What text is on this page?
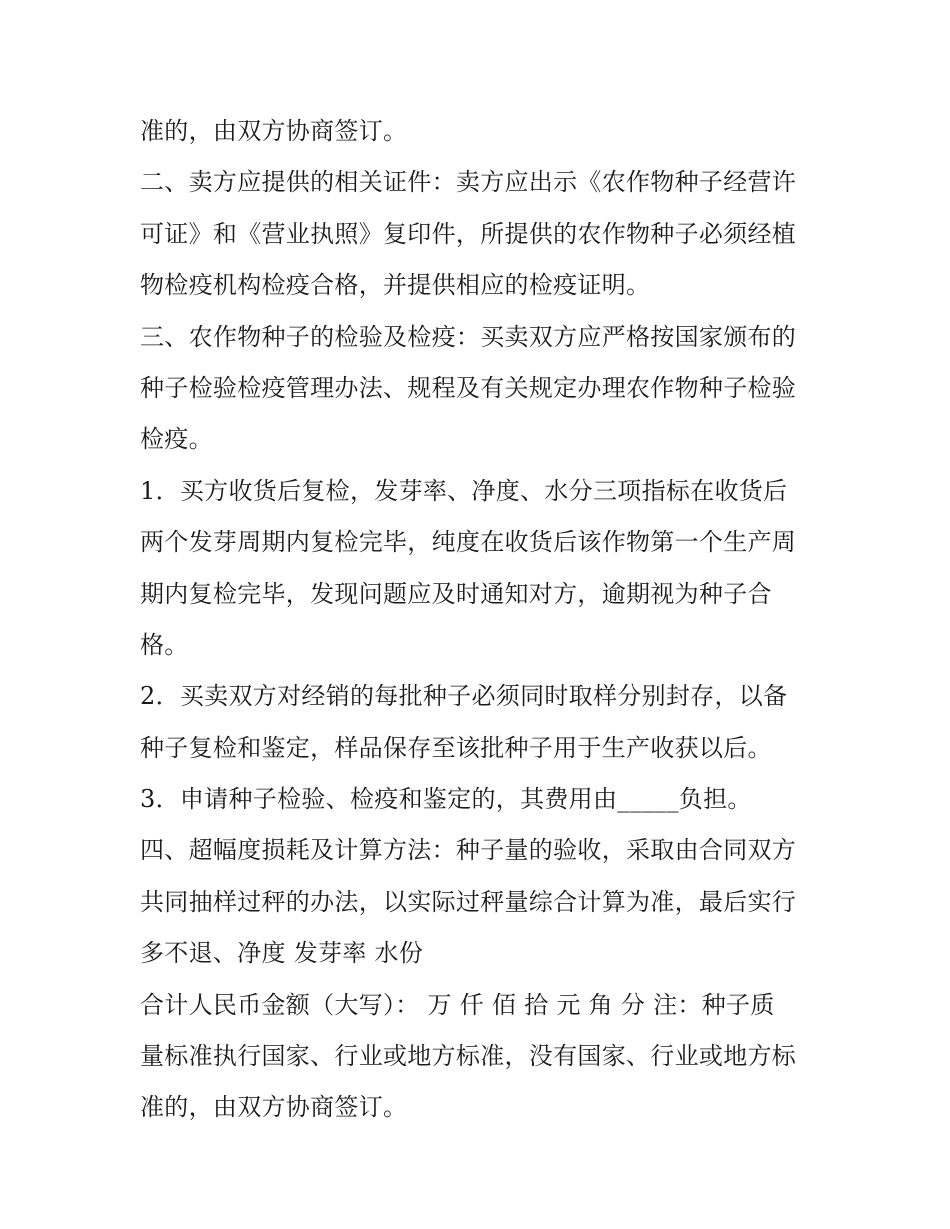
准的，由双方协商签订。
二、卖方应提供的相关证件：卖方应出示《农作物种子经营许
可证》和《营业执照》复印件，所提供的农作物种子必须经植
物检疫机构检疫合格，并提供相应的检疫证明。
三、农作物种子的检验及检疫：买卖双方应严格按国家颁布的
种子检验检疫管理办法、规程及有关规定办理农作物种子检验
检疫。
1．买方收货后复检，发芽率、净度、水分三项指标在收货后
两个发芽周期内复检完毕，纯度在收货后该作物第一个生产周
期内复检完毕，发现问题应及时通知对方，逾期视为种子合
格。
2．买卖双方对经销的每批种子必须同时取样分别封存，以备
种子复检和鉴定，样品保存至该批种子用于生产收获以后。
3．申请种子检验、检疫和鉴定的，其费用由_____负担。
四、超幅度损耗及计算方法：种子量的验收，采取由合同双方
共同抽样过秤的办法，以实际过秤量综合计算为准，最后实行
多不退、净度 发芽率 水份
合计人民币金额（大写）： 万 仟 佰 拾 元 角 分 注：种子质
量标准执行国家、行业或地方标准，没有国家、行业或地方标
准的，由双方协商签订。
